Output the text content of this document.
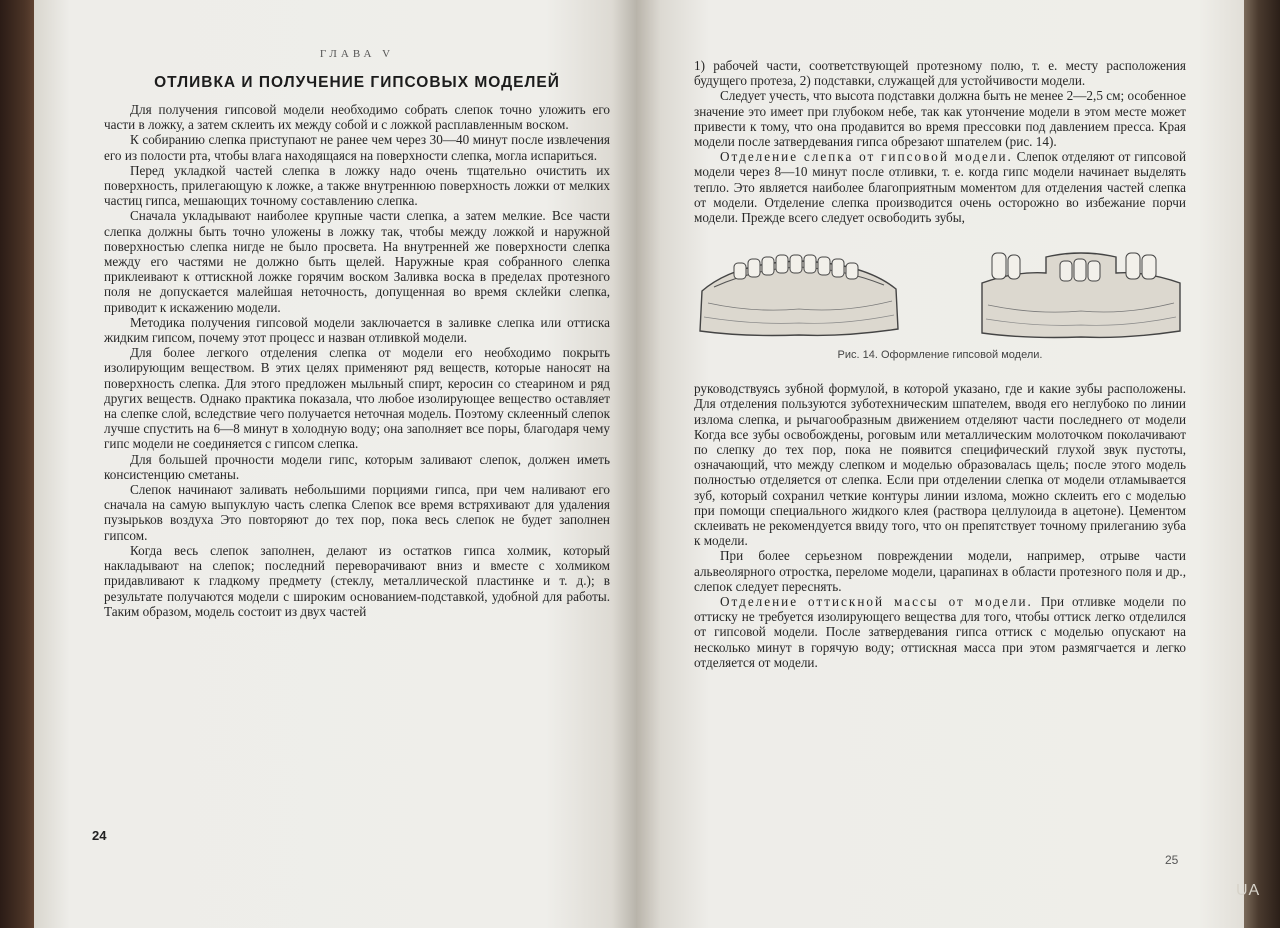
ГЛАВА V
ОТЛИВКА И ПОЛУЧЕНИЕ ГИПСОВЫХ МОДЕЛЕЙ

Для получения гипсовой модели необходимо собрать слепок точно уложить его части в ложку, а затем склеить их между собой и с ложкой расплавленным воском.

К собиранию слепка приступают не ранее чем через 30—40 минут после извлечения его из полости рта, чтобы влага находящаяся на поверхности слепка, могла испариться.

Перед укладкой частей слепка в ложку надо очень тщательно очистить их поверхность, прилегающую к ложке, а также внутреннюю поверхность ложки от мелких частиц гипса, мешающих точному составлению слепка.

Сначала укладывают наиболее крупные части слепка, а затем мелкие. Все части слепка должны быть точно уложены в ложку так, чтобы между ложкой и наружной поверхностью слепка нигде не было просвета. На внутренней же поверхности слепка между его частями не должно быть щелей. Наружные края собранного слепка приклеивают к оттискной ложке горячим воском Заливка воска в пределах протезного поля не допускается малейшая неточность, допущенная во время склейки слепка, приводит к искажению модели.

Методика получения гипсовой модели заключается в заливке слепка или оттиска жидким гипсом, почему этот процесс и назван отливкой модели.

Для более легкого отделения слепка от модели его необходимо покрыть изолирующим веществом. В этих целях применяют ряд веществ, которые наносят на поверхность слепка. Для этого предложен мыльный спирт, керосин со стеарином и ряд других веществ. Однако практика показала, что любое изолирующее вещество оставляет на слепке слой, вследствие чего получается неточная модель. Поэтому склеенный слепок лучше спустить на 6—8 минут в холодную воду; она заполняет все поры, благодаря чему гипс модели не соединяется с гипсом слепка.

Для большей прочности модели гипс, которым заливают слепок, должен иметь консистенцию сметаны.

Слепок начинают заливать небольшими порциями гипса, при чем наливают его сначала на самую выпуклую часть слепка Слепок все время встряхивают для удаления пузырьков воздуха Это повторяют до тех пор, пока весь слепок не будет заполнен гипсом.

Когда весь слепок заполнен, делают из остатков гипса холмик, который накладывают на слепок; последний переворачивают вниз и вместе с холмиком придавливают к гладкому предмету (стеклу, металлической пластинке и т. д.); в результате получаются модели с широким основанием-подставкой, удобной для работы. Таким образом, модель состоит из двух частей

24

1) рабочей части, соответствующей протезному полю, т. е. месту расположения будущего протеза, 2) подставки, служащей для устойчивости модели.

Следует учесть, что высота подставки должна быть не менее 2—2,5 см; особенное значение это имеет при глубоком небе, так как утончение модели в этом месте может привести к тому, что она продавится во время прессовки под давлением пресса. Края модели после затвердевания гипса обрезают шпателем (рис. 14).

Отделение слепка от гипсовой модели. Слепок отделяют от гипсовой модели через 8—10 минут после отливки, т. е. когда гипс модели начинает выделять тепло. Это является наиболее благоприятным моментом для отделения частей слепка от модели. Отделение слепка производится очень осторожно во избежание порчи модели. Прежде всего следует освободить зубы,

Рис. 14. Оформление гипсовой модели.

руководствуясь зубной формулой, в которой указано, где и какие зубы расположены. Для отделения пользуются зуботехническим шпателем, вводя его неглубоко по линии излома слепка, и рычагообразным движением отделяют части последнего от модели Когда все зубы освобождены, роговым или металлическим молоточком поколачивают по слепку до тех пор, пока не появится специфический глухой звук пустоты, означающий, что между слепком и моделью образовалась щель; после этого модель полностью отделяется от слепка. Если при отделении слепка от модели отламывается зуб, который сохранил четкие контуры линии излома, можно склеить его с моделью при помощи специального жидкого клея (раствора целлулоида в ацетоне). Цементом склеивать не рекомендуется ввиду того, что он препятствует точному прилеганию зуба к модели.

При более серьезном повреждении модели, например, отрыве части альвеолярного отростка, переломе модели, царапинах в области протезного поля и др., слепок следует переснять.

Отделение оттискной массы от модели. При отливке модели по оттиску не требуется изолирующего вещества для того, чтобы оттиск легко отделился от гипсовой модели. После затвердевания гипса оттиск с моделью опускают на несколько минут в горячую воду; оттискная масса при этом размягчается и легко отделяется от модели.

25
UA
